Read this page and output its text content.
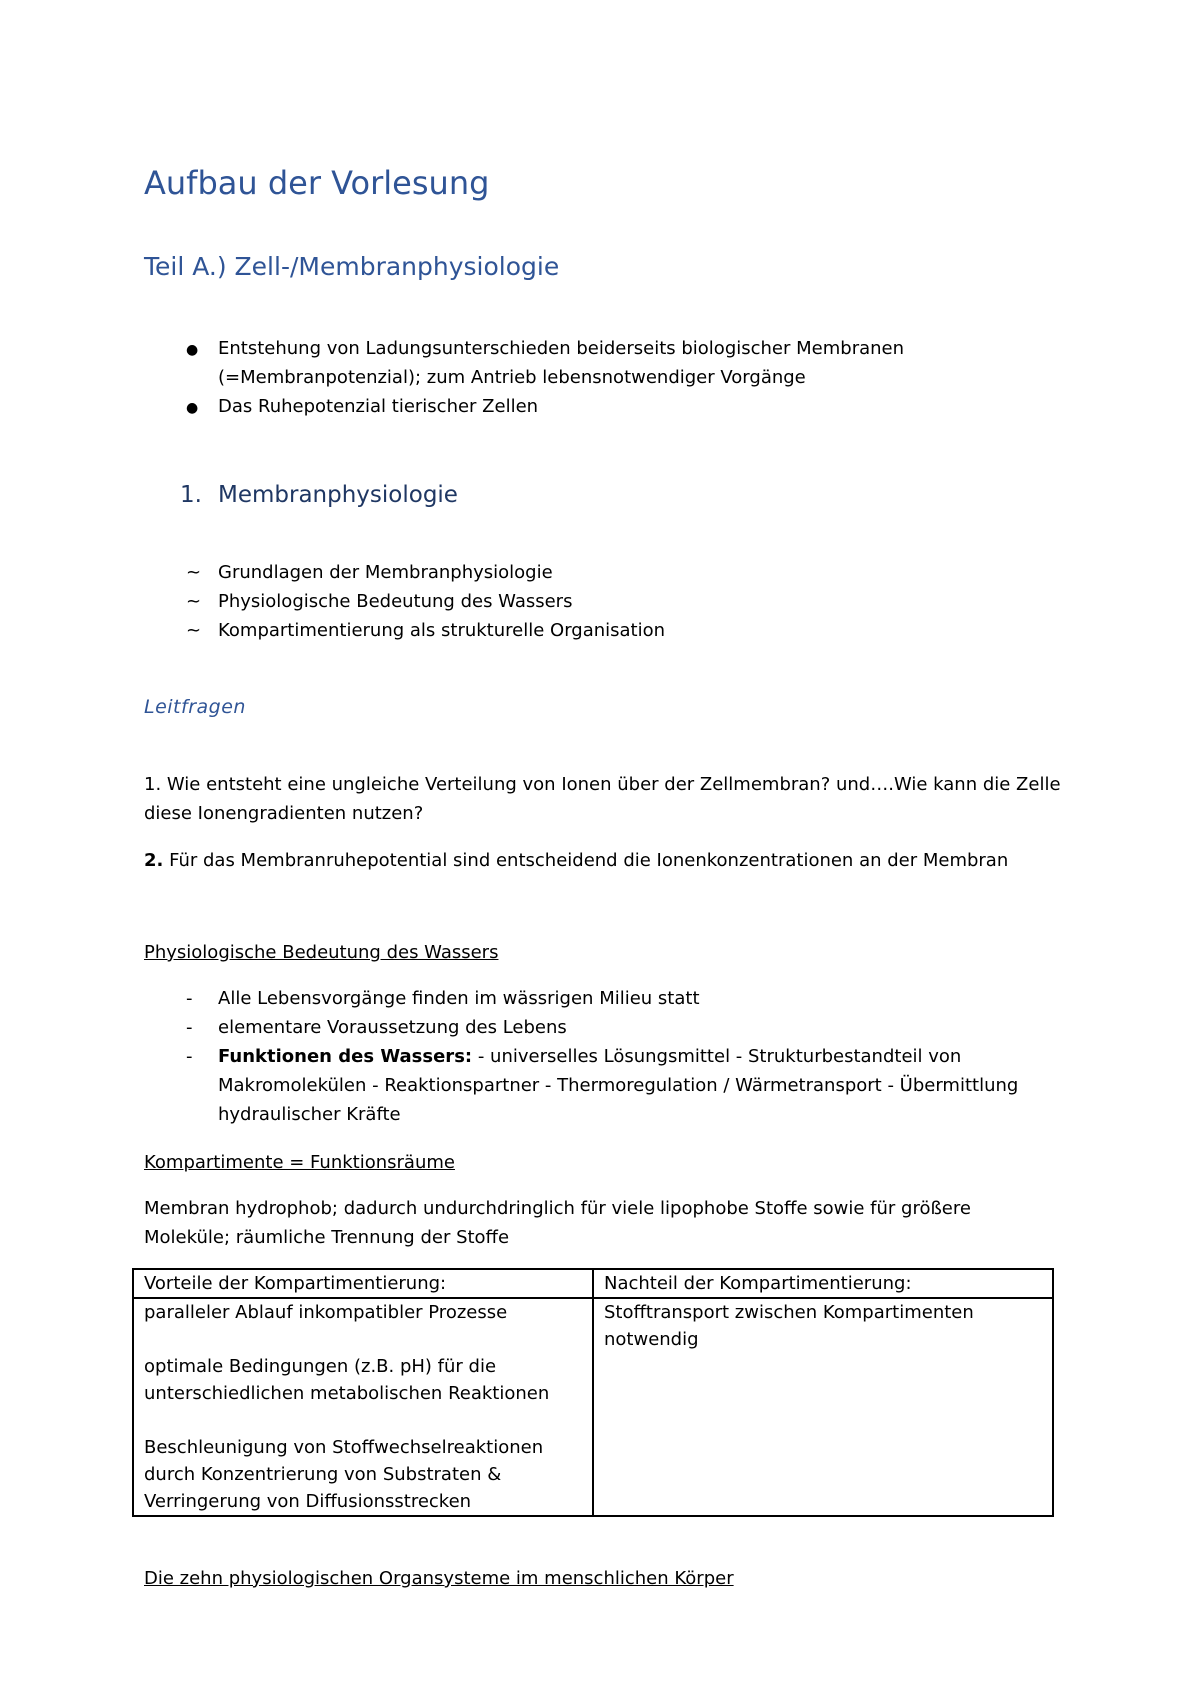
Aufbau der Vorlesung
Teil A.) Zell-/Membranphysiologie
● Entstehung von Ladungsunterschieden beiderseits biologischer Membranen (=Membranpotenzial); zum Antrieb lebensnotwendiger Vorgänge
● Das Ruhepotenzial tierischer Zellen
1. Membranphysiologie
~ Grundlagen der Membranphysiologie
~ Physiologische Bedeutung des Wassers
~ Kompartimentierung als strukturelle Organisation
Leitfragen

1. Wie entsteht eine ungleiche Verteilung von Ionen über der Zellmembran? und….Wie kann die Zelle diese Ionengradienten nutzen?

2. Für das Membranruhepotential sind entscheidend die Ionenkonzentrationen an der Membran

Physiologische Bedeutung des Wassers

- Alle Lebensvorgänge finden im wässrigen Milieu statt
- elementare Voraussetzung des Lebens
- Funktionen des Wassers: - universelles Lösungsmittel - Strukturbestandteil von Makromolekülen - Reaktionspartner - Thermoregulation / Wärmetransport - Übermittlung hydraulischer Kräfte

Kompartimente = Funktionsräume

Membran hydrophob; dadurch undurchdringlich für viele lipophobe Stoffe sowie für größere Moleküle; räumliche Trennung der Stoffe

Vorteile der Kompartimentierung:	Nachteil der Kompartimentierung:

paralleler Ablauf inkompatibler Prozesse
optimale Bedingungen (z.B. pH) für die unterschiedlichen metabolischen Reaktionen
Beschleunigung von Stoffwechselreaktionen durch Konzentrierung von Substraten & Verringerung von Diffusionsstrecken	Stofftransport zwischen Kompartimenten notwendig

Die zehn physiologischen Organsysteme im menschlichen Körper
